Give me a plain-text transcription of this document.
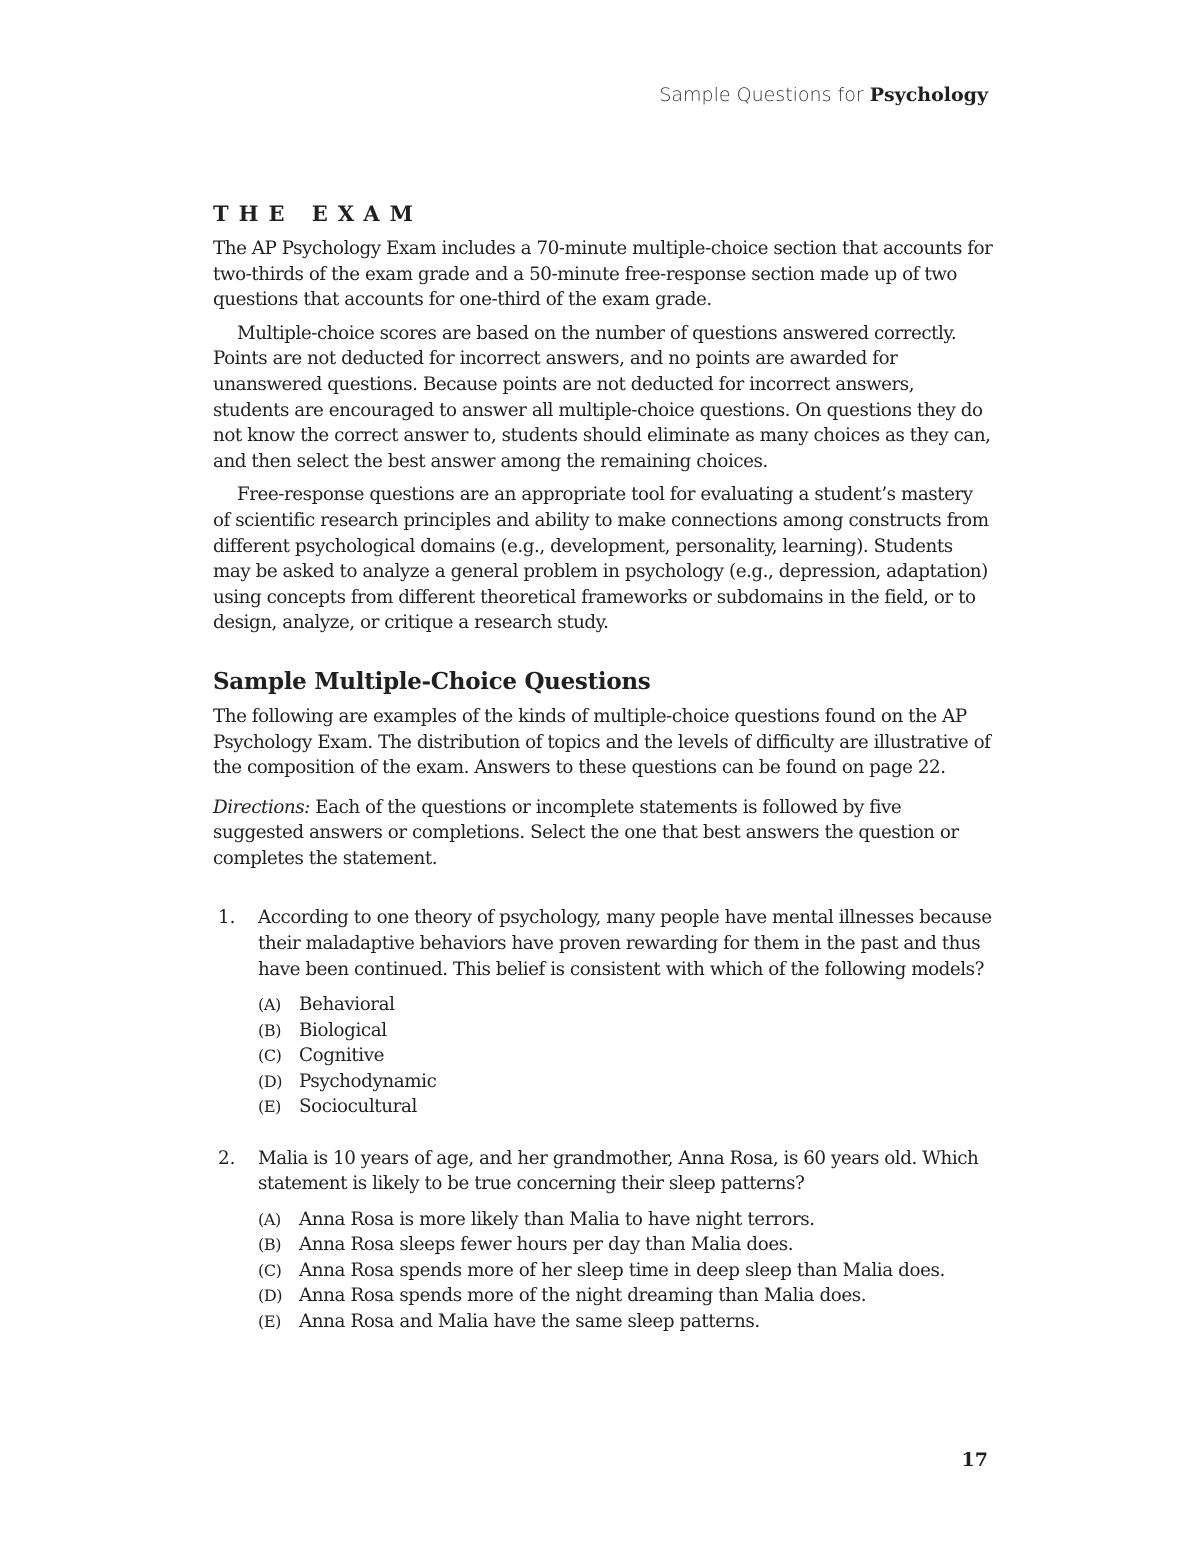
Sample Questions for Psychology
THE EXAM

The AP Psychology Exam includes a 70-minute multiple-choice section that accounts for two-thirds of the exam grade and a 50-minute free-response section made up of two questions that accounts for one-third of the exam grade.

Multiple-choice scores are based on the number of questions answered correctly. Points are not deducted for incorrect answers, and no points are awarded for unanswered questions. Because points are not deducted for incorrect answers, students are encouraged to answer all multiple-choice questions. On questions they do not know the correct answer to, students should eliminate as many choices as they can, and then select the best answer among the remaining choices.

Free-response questions are an appropriate tool for evaluating a student’s mastery of scientific research principles and ability to make connections among constructs from different psychological domains (e.g., development, personality, learning). Students may be asked to analyze a general problem in psychology (e.g., depression, adaptation) using concepts from different theoretical frameworks or subdomains in the field, or to design, analyze, or critique a research study.

Sample Multiple-Choice Questions

The following are examples of the kinds of multiple-choice questions found on the AP Psychology Exam. The distribution of topics and the levels of difficulty are illustrative of the composition of the exam. Answers to these questions can be found on page 22.

Directions: Each of the questions or incomplete statements is followed by five suggested answers or completions. Select the one that best answers the question or completes the statement.

1.	According to one theory of psychology, many people have mental illnesses because their maladaptive behaviors have proven rewarding for them in the past and thus have been continued. This belief is consistent with which of the following models?

(A) Behavioral
(B) Biological
(C) Cognitive
(D) Psychodynamic
(E) Sociocultural
2.	Malia is 10 years of age, and her grandmother, Anna Rosa, is 60 years old. Which statement is likely to be true concerning their sleep patterns?

(A) Anna Rosa is more likely than Malia to have night terrors.
(B) Anna Rosa sleeps fewer hours per day than Malia does.
(C) Anna Rosa spends more of her sleep time in deep sleep than Malia does.
(D) Anna Rosa spends more of the night dreaming than Malia does.
(E) Anna Rosa and Malia have the same sleep patterns.
17
